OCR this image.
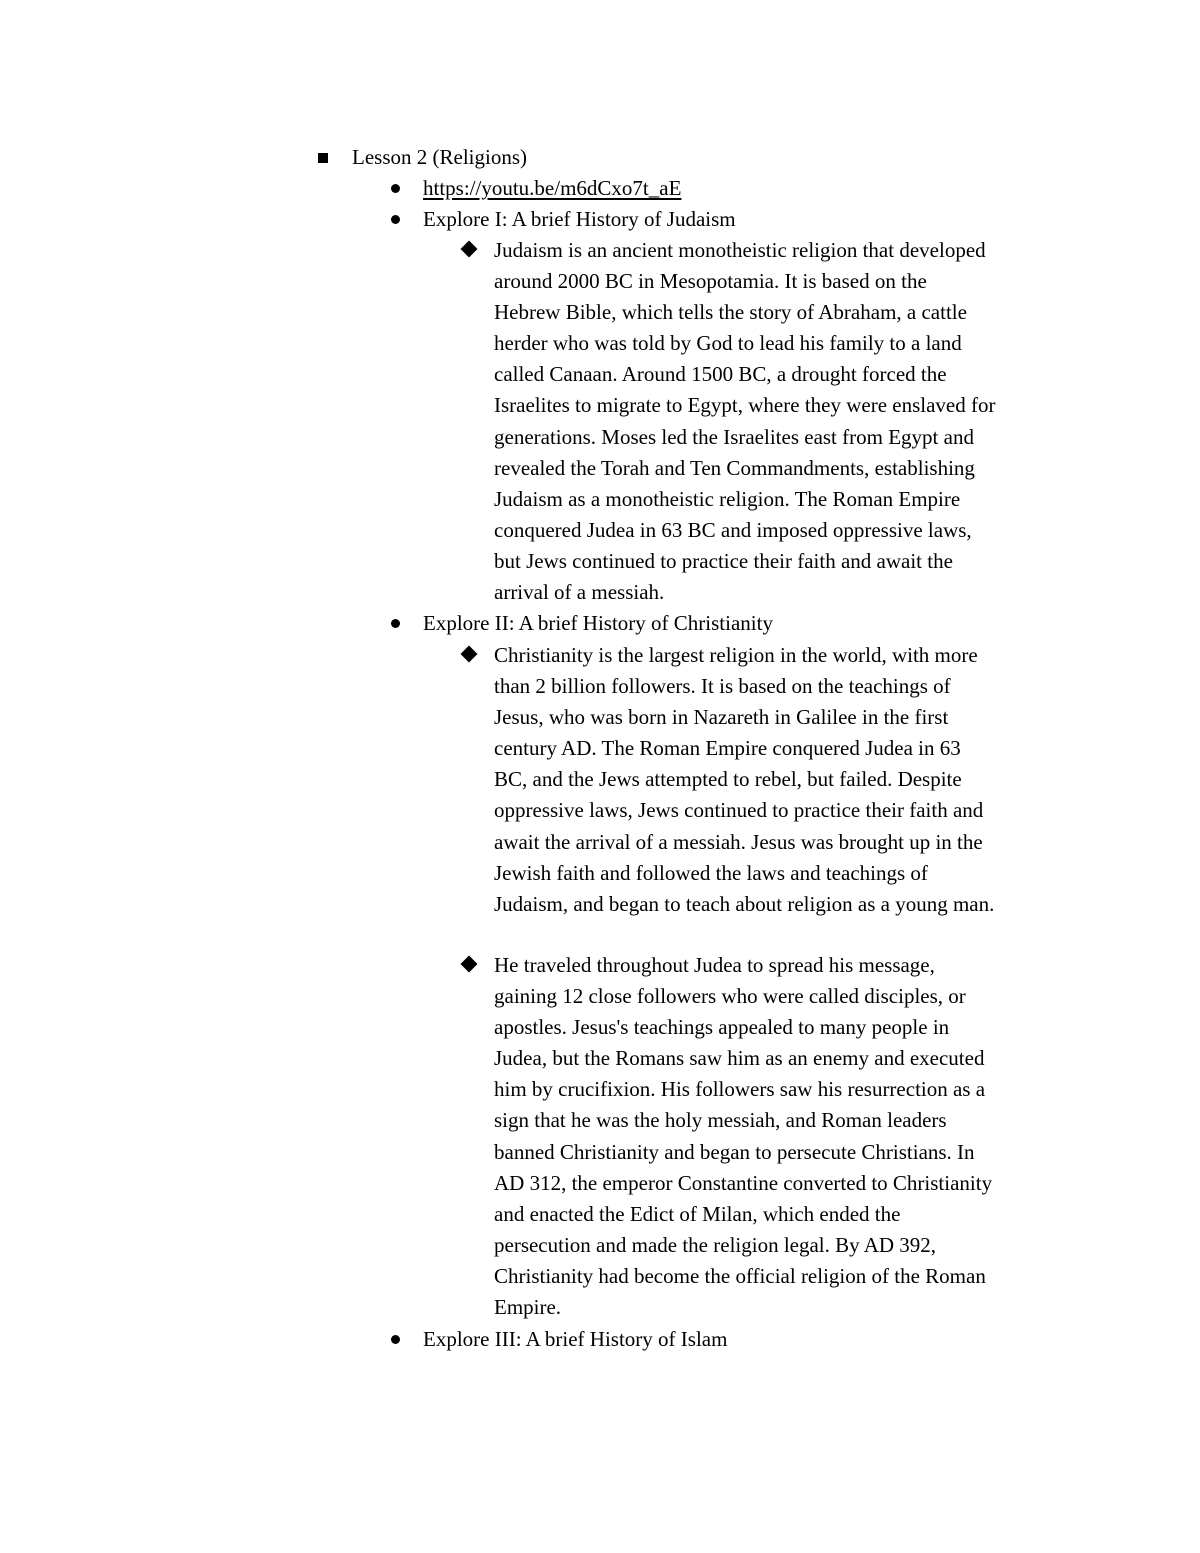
Lesson 2 (Religions)
https://youtu.be/m6dCxo7t_aE
Explore I: A brief History of Judaism
Judaism is an ancient monotheistic religion that developed
around 2000 BC in Mesopotamia. It is based on the
Hebrew Bible, which tells the story of Abraham, a cattle
herder who was told by God to lead his family to a land
called Canaan. Around 1500 BC, a drought forced the
Israelites to migrate to Egypt, where they were enslaved for
generations. Moses led the Israelites east from Egypt and
revealed the Torah and Ten Commandments, establishing
Judaism as a monotheistic religion. The Roman Empire
conquered Judea in 63 BC and imposed oppressive laws,
but Jews continued to practice their faith and await the
arrival of a messiah.
Explore II: A brief History of Christianity
Christianity is the largest religion in the world, with more
than 2 billion followers. It is based on the teachings of
Jesus, who was born in Nazareth in Galilee in the first
century AD. The Roman Empire conquered Judea in 63
BC, and the Jews attempted to rebel, but failed. Despite
oppressive laws, Jews continued to practice their faith and
await the arrival of a messiah. Jesus was brought up in the
Jewish faith and followed the laws and teachings of
Judaism, and began to teach about religion as a young man.
He traveled throughout Judea to spread his message,
gaining 12 close followers who were called disciples, or
apostles. Jesus's teachings appealed to many people in
Judea, but the Romans saw him as an enemy and executed
him by crucifixion. His followers saw his resurrection as a
sign that he was the holy messiah, and Roman leaders
banned Christianity and began to persecute Christians. In
AD 312, the emperor Constantine converted to Christianity
and enacted the Edict of Milan, which ended the
persecution and made the religion legal. By AD 392,
Christianity had become the official religion of the Roman
Empire.
Explore III: A brief History of Islam
